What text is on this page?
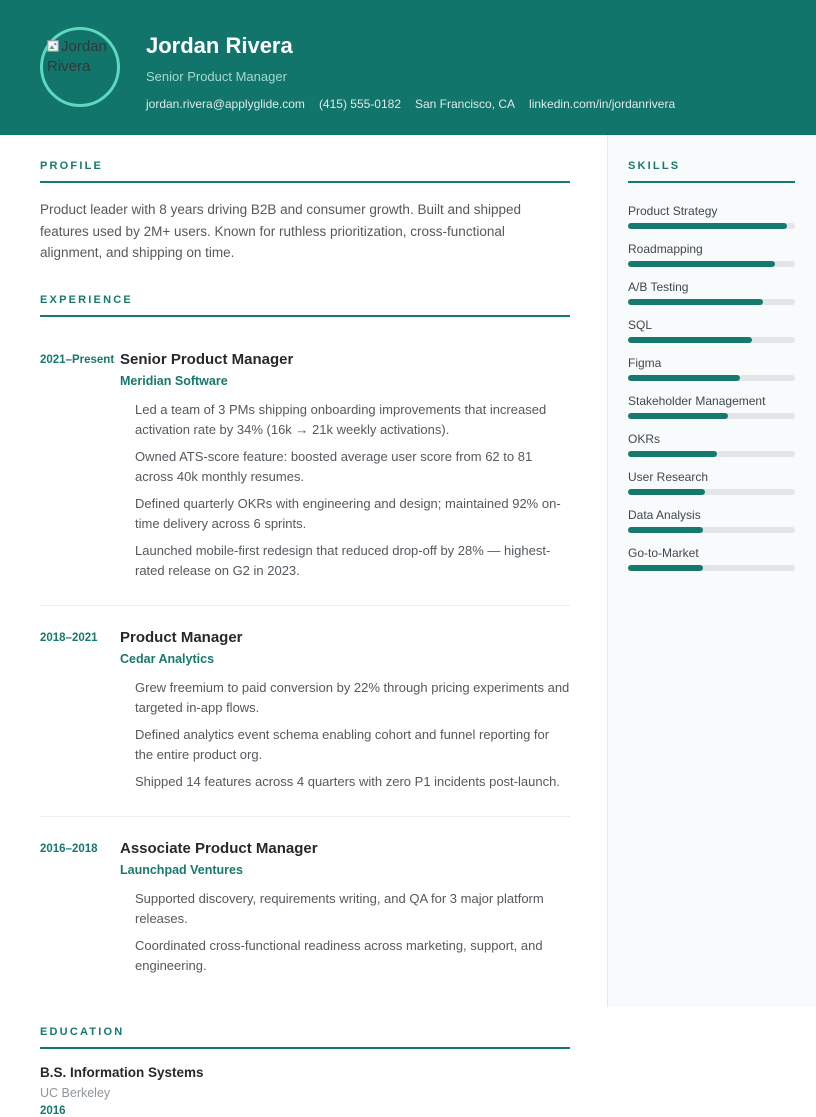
Jordan Rivera
Jordan Rivera
Senior Product Manager
jordan.rivera@applyglide.com (415) 555-0182 San Francisco, CA linkedin.com/in/jordanrivera
PROFILE

Product leader with 8 years driving B2B and consumer growth. Built and shipped features used by 2M+ users. Known for ruthless prioritization, cross-functional alignment, and shipping on time.

EXPERIENCE
2021–Present Senior Product Manager
Meridian Software
Led a team of 3 PMs shipping onboarding improvements that increased activation rate by 34% (16k → 21k weekly activations).
Owned ATS-score feature: boosted average user score from 62 to 81 across 40k monthly resumes.
Defined quarterly OKRs with engineering and design; maintained 92% on-time delivery across 6 sprints.
Launched mobile-first redesign that reduced drop-off by 28% — highest-rated release on G2 in 2023.
2018–2021	Product Manager
Cedar Analytics
Grew freemium to paid conversion by 22% through pricing experiments and targeted in-app flows.
Defined analytics event schema enabling cohort and funnel reporting for the entire product org.
Shipped 14 features across 4 quarters with zero P1 incidents post-launch.
2016–2018	Associate Product Manager
Launchpad Ventures
Supported discovery, requirements writing, and QA for 3 major platform releases.
Coordinated cross-functional readiness across marketing, support, and engineering.
EDUCATION
B.S. Information Systems
UC Berkeley
2016
SKILLS
Product Strategy
Roadmapping
A/B Testing
SQL
Figma
Stakeholder Management
OKRs
User Research
Data Analysis
Go-to-Market
